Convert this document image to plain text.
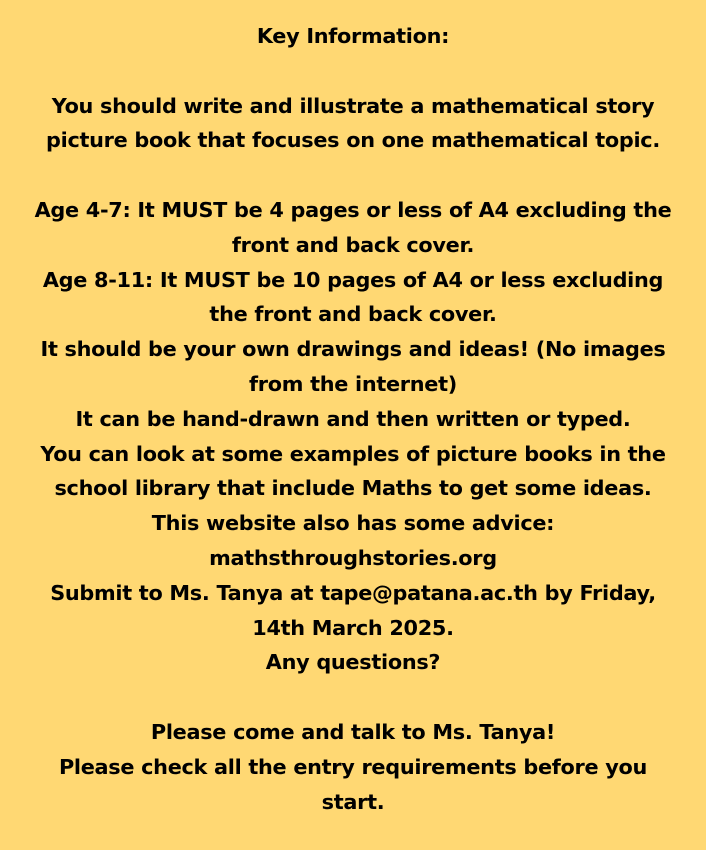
Key Information:
You should write and illustrate a mathematical story
picture book that focuses on one mathematical topic.
Age 4-7: It MUST be 4 pages or less of A4 excluding the
front and back cover.
Age 8-11: It MUST be 10 pages of A4 or less excluding
the front and back cover.
It should be your own drawings and ideas! (No images
from the internet)
It can be hand-drawn and then written or typed.
You can look at some examples of picture books in the
school library that include Maths to get some ideas.
This website also has some advice:
mathsthroughstories.org
Submit to Ms. Tanya at tape@patana.ac.th by Friday,
14th March 2025.
Any questions?
Please come and talk to Ms. Tanya!
Please check all the entry requirements before you
start.
